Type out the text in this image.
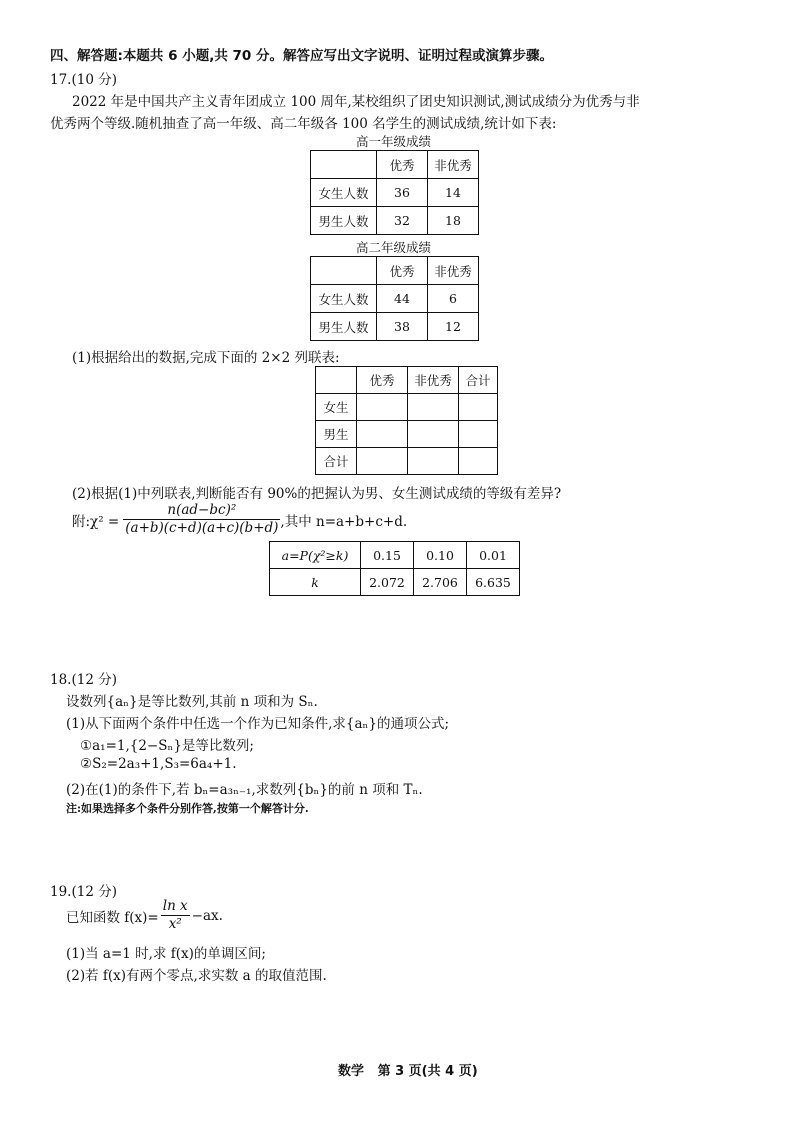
四、解答题:本题共 6 小题,共 70 分。解答应写出文字说明、证明过程或演算步骤。
17.(10 分)
2022 年是中国共产主义青年团成立 100 周年,某校组织了团史知识测试,测试成绩分为优秀与非
优秀两个等级.随机抽查了高一年级、高二年级各 100 名学生的测试成绩,统计如下表:
高一年级成绩
	优秀	非优秀
女生人数	36	14
男生人数	32	18
高二年级成绩
	优秀	非优秀
女生人数	44	6
男生人数	38	12
(1)根据给出的数据,完成下面的 2×2 列联表:
	优秀	非优秀	合计
女生			
男生			
合计			
(2)根据(1)中列联表,判断能否有 90%的把握认为男、女生测试成绩的等级有差异?
附:χ² = $\frac{\text{n(ad−bc)²}}{(a+b)(c+d)(a+c)(b+d)}$ ,其中 n=a+b+c+d.
a=P(χ²≥k)	0.15	0.10	0.01
k	2.072	2.706	6.635
18.(12 分)
设数列{aₙ}是等比数列,其前 n 项和为 Sₙ.
(1)从下面两个条件中任选一个作为已知条件,求{aₙ}的通项公式;
①a₁=1,{2−Sₙ}是等比数列;
②S₂=2a₃+1,S₃=6a₄+1.
(2)在(1)的条件下,若 bₙ=a₃ₙ₋₁,求数列{bₙ}的前 n 项和 Tₙ.
注:如果选择多个条件分别作答,按第一个解答计分.
19.(12 分)
已知函数 $f(x)= \frac{\text{ln x}}{\text{x²}} -ax$.
(1)当 a=1 时,求 f(x)的单调区间;
(2)若 f(x)有两个零点,求实数 a 的取值范围.
数学   第 3 页(共 4 页)
